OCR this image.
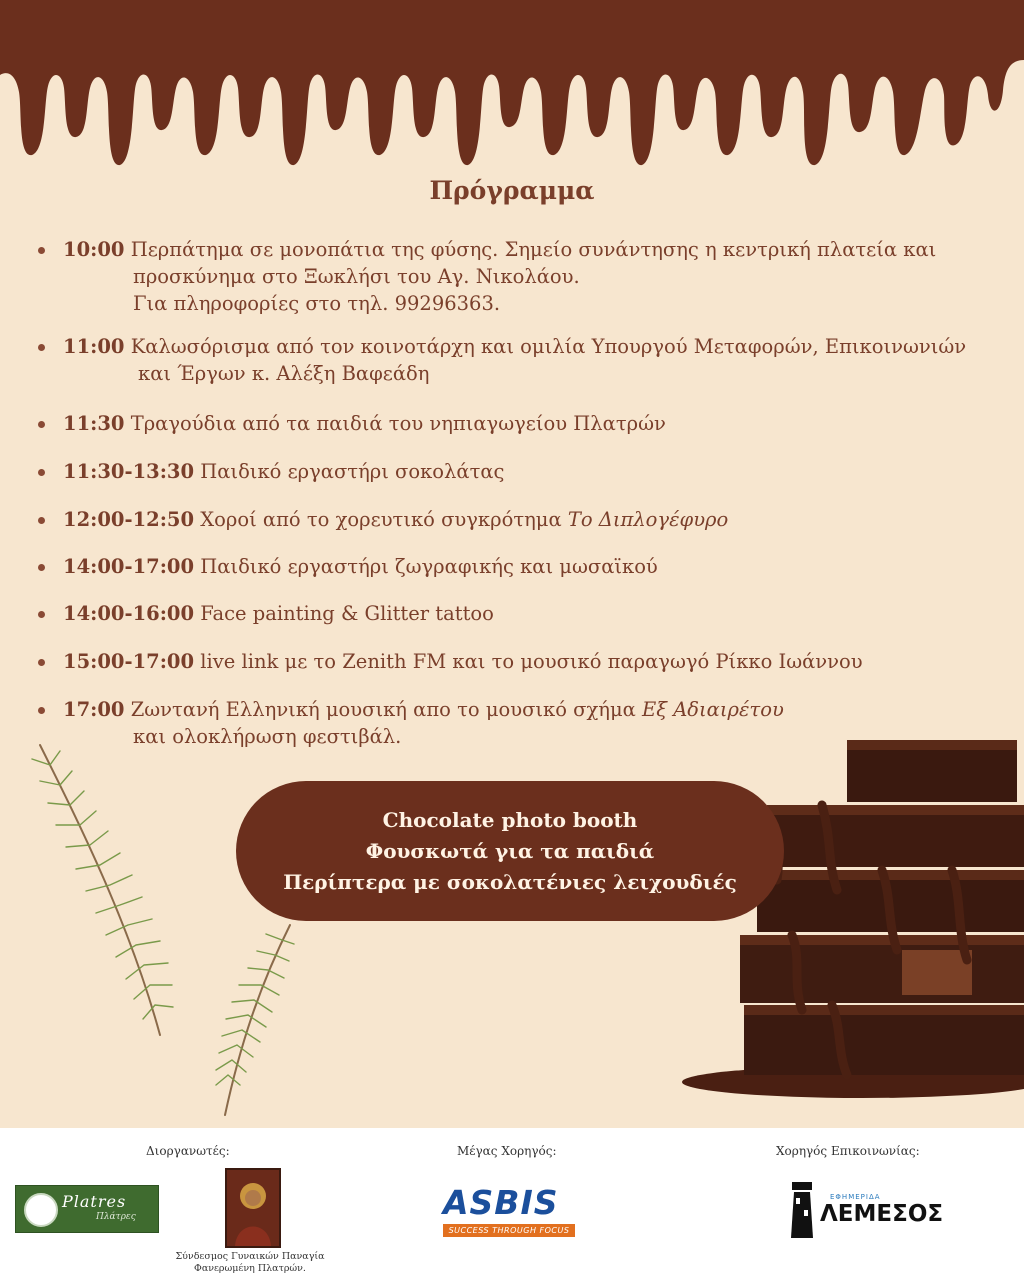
Πρόγραμμα
10:00 Περπάτημα σε μονοπάτια της φύσης. Σημείο συνάντησης η κεντρική πλατεία και
προσκύνημα στο Ξωκλήσι του Αγ. Νικολάου.
Για πληροφορίες στο τηλ. 99296363.
11:00 Καλωσόρισμα από τον κοινοτάρχη και ομιλία Υπουργού Μεταφορών, Επικοινωνιών
και Έργων κ. Αλέξη Βαφεάδη
11:30 Τραγούδια από τα παιδιά του νηπιαγωγείου Πλατρών
11:30-13:30 Παιδικό εργαστήρι σοκολάτας
12:00-12:50 Χοροί από το χορευτικό συγκρότημα Το Διπλογέφυρο
14:00-17:00 Παιδικό εργαστήρι ζωγραφικής και μωσαϊκού
14:00-16:00 Face painting & Glitter tattoo
15:00-17:00 live link με το Zenith FM και το μουσικό παραγωγό Ρίκκο Ιωάννου
17:00 Ζωντανή Ελληνική μουσική απο το μουσικό σχήμα Εξ Αδιαιρέτου
και ολοκλήρωση φεστιβάλ.
Chocolate photo booth
Φουσκωτά για τα παιδιά
Περίπτερα με σοκολατένιες λειχουδιές
Διοργανωτές:	Μέγας Χορηγός:	Χορηγός Επικοινωνίας:
Platres
Πλάτρες
Σύνδεσμος Γυναικών Παναγία Φανερωμένη Πλατρών.
ASBIS
SUCCESS THROUGH FOCUS
ΕΦΗΜΕΡΙΔΑ
ΛΕΜΕΣΟΣ
